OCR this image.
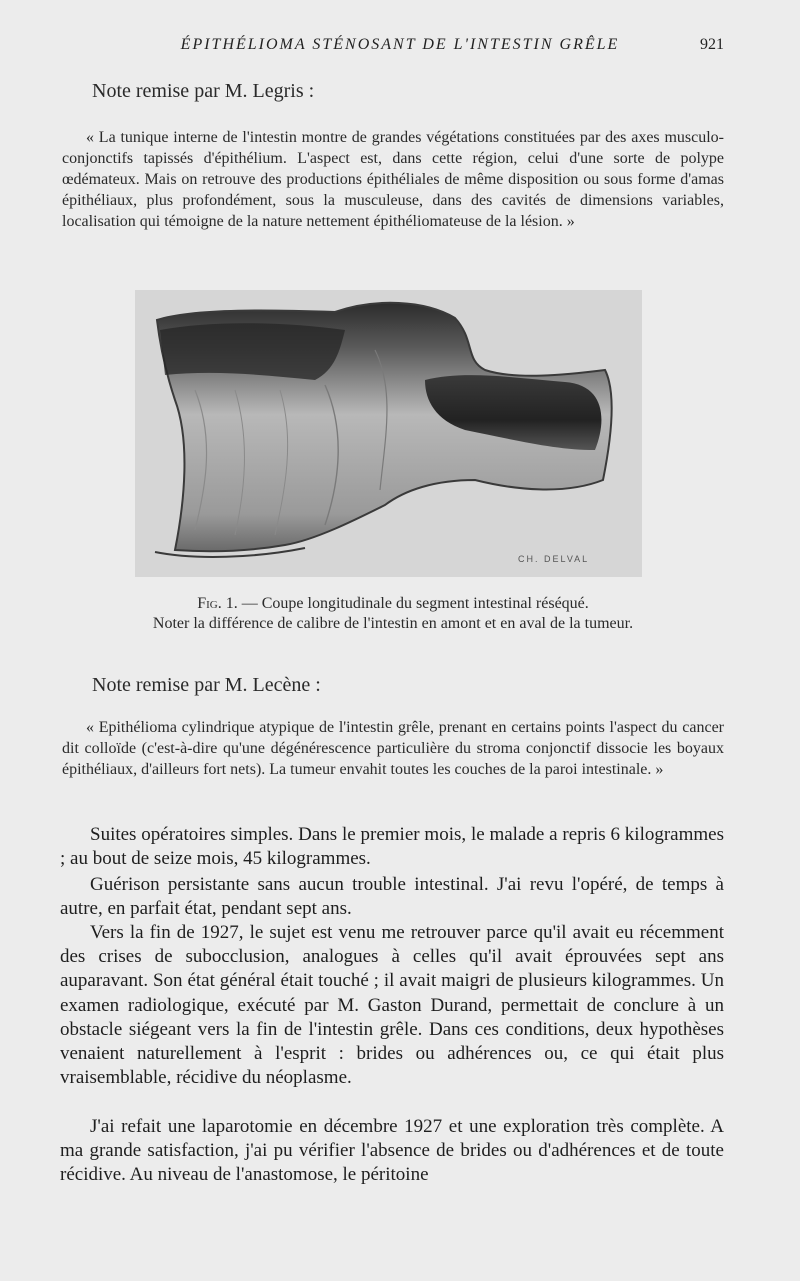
ÉPITHÉLIOMA STÉNOSANT DE L'INTESTIN GRÊLE	921
Note remise par M. Legris :
« La tunique interne de l'intestin montre de grandes végétations constituées par des axes musculo-conjonctifs tapissés d'épithélium. L'aspect est, dans cette région, celui d'une sorte de polype œdémateux. Mais on retrouve des productions épithéliales de même disposition ou sous forme d'amas épithéliaux, plus profondément, sous la musculeuse, dans des cavités de dimensions variables, localisation qui témoigne de la nature nettement épithéliomateuse de la lésion. »
CH. DELVAL
Fig. 1. — Coupe longitudinale du segment intestinal réséqué.
Noter la différence de calibre de l'intestin en amont et en aval de la tumeur.
Note remise par M. Lecène :
« Epithélioma cylindrique atypique de l'intestin grêle, prenant en certains points l'aspect du cancer dit colloïde (c'est-à-dire qu'une dégénérescence particulière du stroma conjonctif dissocie les boyaux épithéliaux, d'ailleurs fort nets). La tumeur envahit toutes les couches de la paroi intestinale. »
Suites opératoires simples. Dans le premier mois, le malade a repris 6 kilogrammes ; au bout de seize mois, 45 kilogrammes.
Guérison persistante sans aucun trouble intestinal. J'ai revu l'opéré, de temps à autre, en parfait état, pendant sept ans.
Vers la fin de 1927, le sujet est venu me retrouver parce qu'il avait eu récemment des crises de subocclusion, analogues à celles qu'il avait éprouvées sept ans auparavant. Son état général était touché ; il avait maigri de plusieurs kilogrammes. Un examen radiologique, exécuté par M. Gaston Durand, permettait de conclure à un obstacle siégeant vers la fin de l'intestin grêle. Dans ces conditions, deux hypothèses venaient naturellement à l'esprit : brides ou adhérences ou, ce qui était plus vraisemblable, récidive du néoplasme.
J'ai refait une laparotomie en décembre 1927 et une exploration très complète. A ma grande satisfaction, j'ai pu vérifier l'absence de brides ou d'adhérences et de toute récidive. Au niveau de l'anastomose, le péritoine
